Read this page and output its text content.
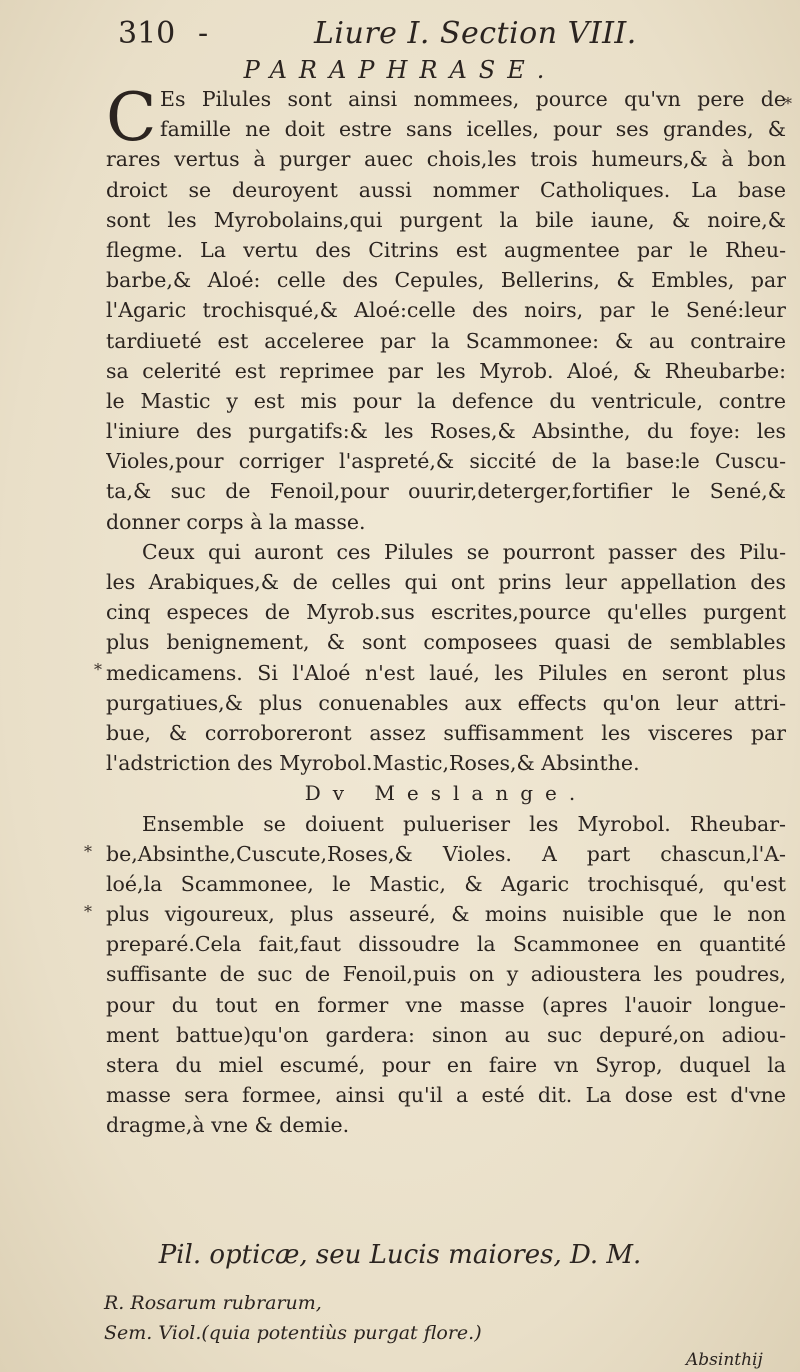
310 -	Liure I. Section VIII.
PARAPHRASE.
C Es Pilules sont ainsi nommees, pource qu'vn pere de
famille ne doit estre sans icelles, pour ses grandes, &
rares vertus à purger auec chois,les trois humeurs,& à bon
droict se deuroyent aussi nommer Catholiques. La base
sont les Myrobolains,qui purgent la bile iaune, & noire,&
flegme. La vertu des Citrins est augmentee par le Rheu-
barbe,& Aloé: celle des Cepules, Bellerins, & Embles, par
l'Agaric trochisqué,& Aloé:celle des noirs, par le Sené:leur
tardiueté est acceleree par la Scammonee: & au contraire
sa celerité est reprimee par les Myrob. Aloé, & Rheubarbe:
le Mastic y est mis pour la defence du ventricule, contre
l'iniure des purgatifs:& les Roses,& Absinthe, du foye: les
Violes,pour corriger l'aspreté,& siccité de la base:le Cuscu-
ta,& suc de Fenoil,pour ouurir,deterger,fortifier le Sené,&
donner corps à la masse.
Ceux qui auront ces Pilules se pourront passer des Pilu-
les Arabiques,& de celles qui ont prins leur appellation des
cinq especes de Myrob.sus escrites,pource qu'elles purgent
plus benignement, & sont composees quasi de semblables
medicamens. Si l'Aloé n'est laué, les Pilules en seront plus
purgatiues,& plus conuenables aux effects qu'on leur attri-
bue, & corroboreront assez suffisamment les visceres par
l'adstriction des Myrobol.Mastic,Roses,& Absinthe.
Dv Meslange.
Ensemble se doiuent pulueriser les Myrobol. Rheubar-
be,Absinthe,Cuscute,Roses,& Violes. A part chascun,l'A-
loé,la Scammonee, le Mastic, & Agaric trochisqué, qu'est
plus vigoureux, plus asseuré, & moins nuisible que le non
preparé.Cela fait,faut dissoudre la Scammonee en quantité
suffisante de suc de Fenoil,puis on y adioustera les poudres,
pour du tout en former vne masse (apres l'auoir longue-
ment battue)qu'on gardera: sinon au suc depuré,on adiou-
stera du miel escumé, pour en faire vn Syrop, duquel la
masse sera formee, ainsi qu'il a esté dit. La dose est d'vne
dragme,à vne & demie.
Pil. opticæ, seu Lucis maiores, D. M.
R. Rosarum rubrarum,
Sem. Viol.(quia potentiùs purgat flore.)
Absinthij
*
*
*
*
